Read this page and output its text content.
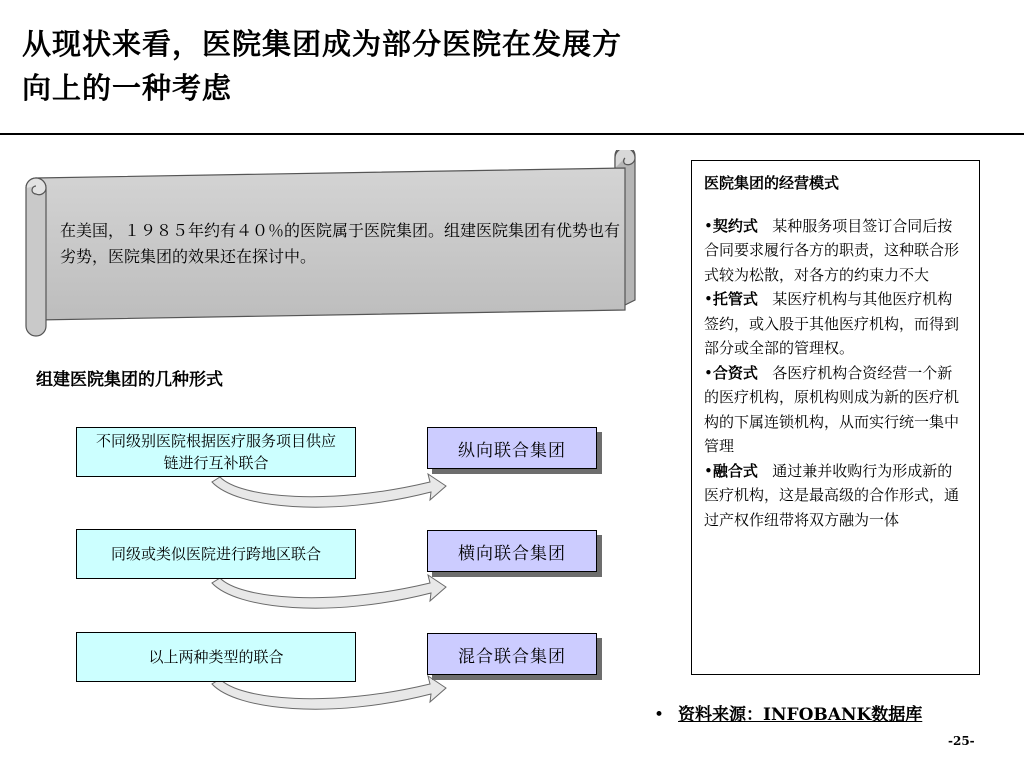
从现状来看，医院集团成为部分医院在发展方
向上的一种考虑
在美国，１９８５年约有４０％的医院属于医院集团。组建医院集团有优势也有劣势，医院集团的效果还在探讨中。
组建医院集团的几种形式
不同级别医院根据医疗服务项目供应链进行互补联合
纵向联合集团
同级或类似医院进行跨地区联合	横向联合集团
以上两种类型的联合	混合联合集团
医院集团的经营模式

•契约式 某种服务项目签订合同后按合同要求履行各方的职责，这种联合形式较为松散，对各方的约束力不大

•托管式 某医疗机构与其他医疗机构签约，或入股于其他医疗机构，而得到部分或全部的管理权。

•合资式 各医疗机构合资经营一个新的医疗机构，原机构则成为新的医疗机构的下属连锁机构，从而实行统一集中管理

•融合式 通过兼并收购行为形成新的医疗机构，这是最高级的合作形式，通过产权作纽带将双方融为一体

• 资料来源：INFOBANK数据库
-25-
